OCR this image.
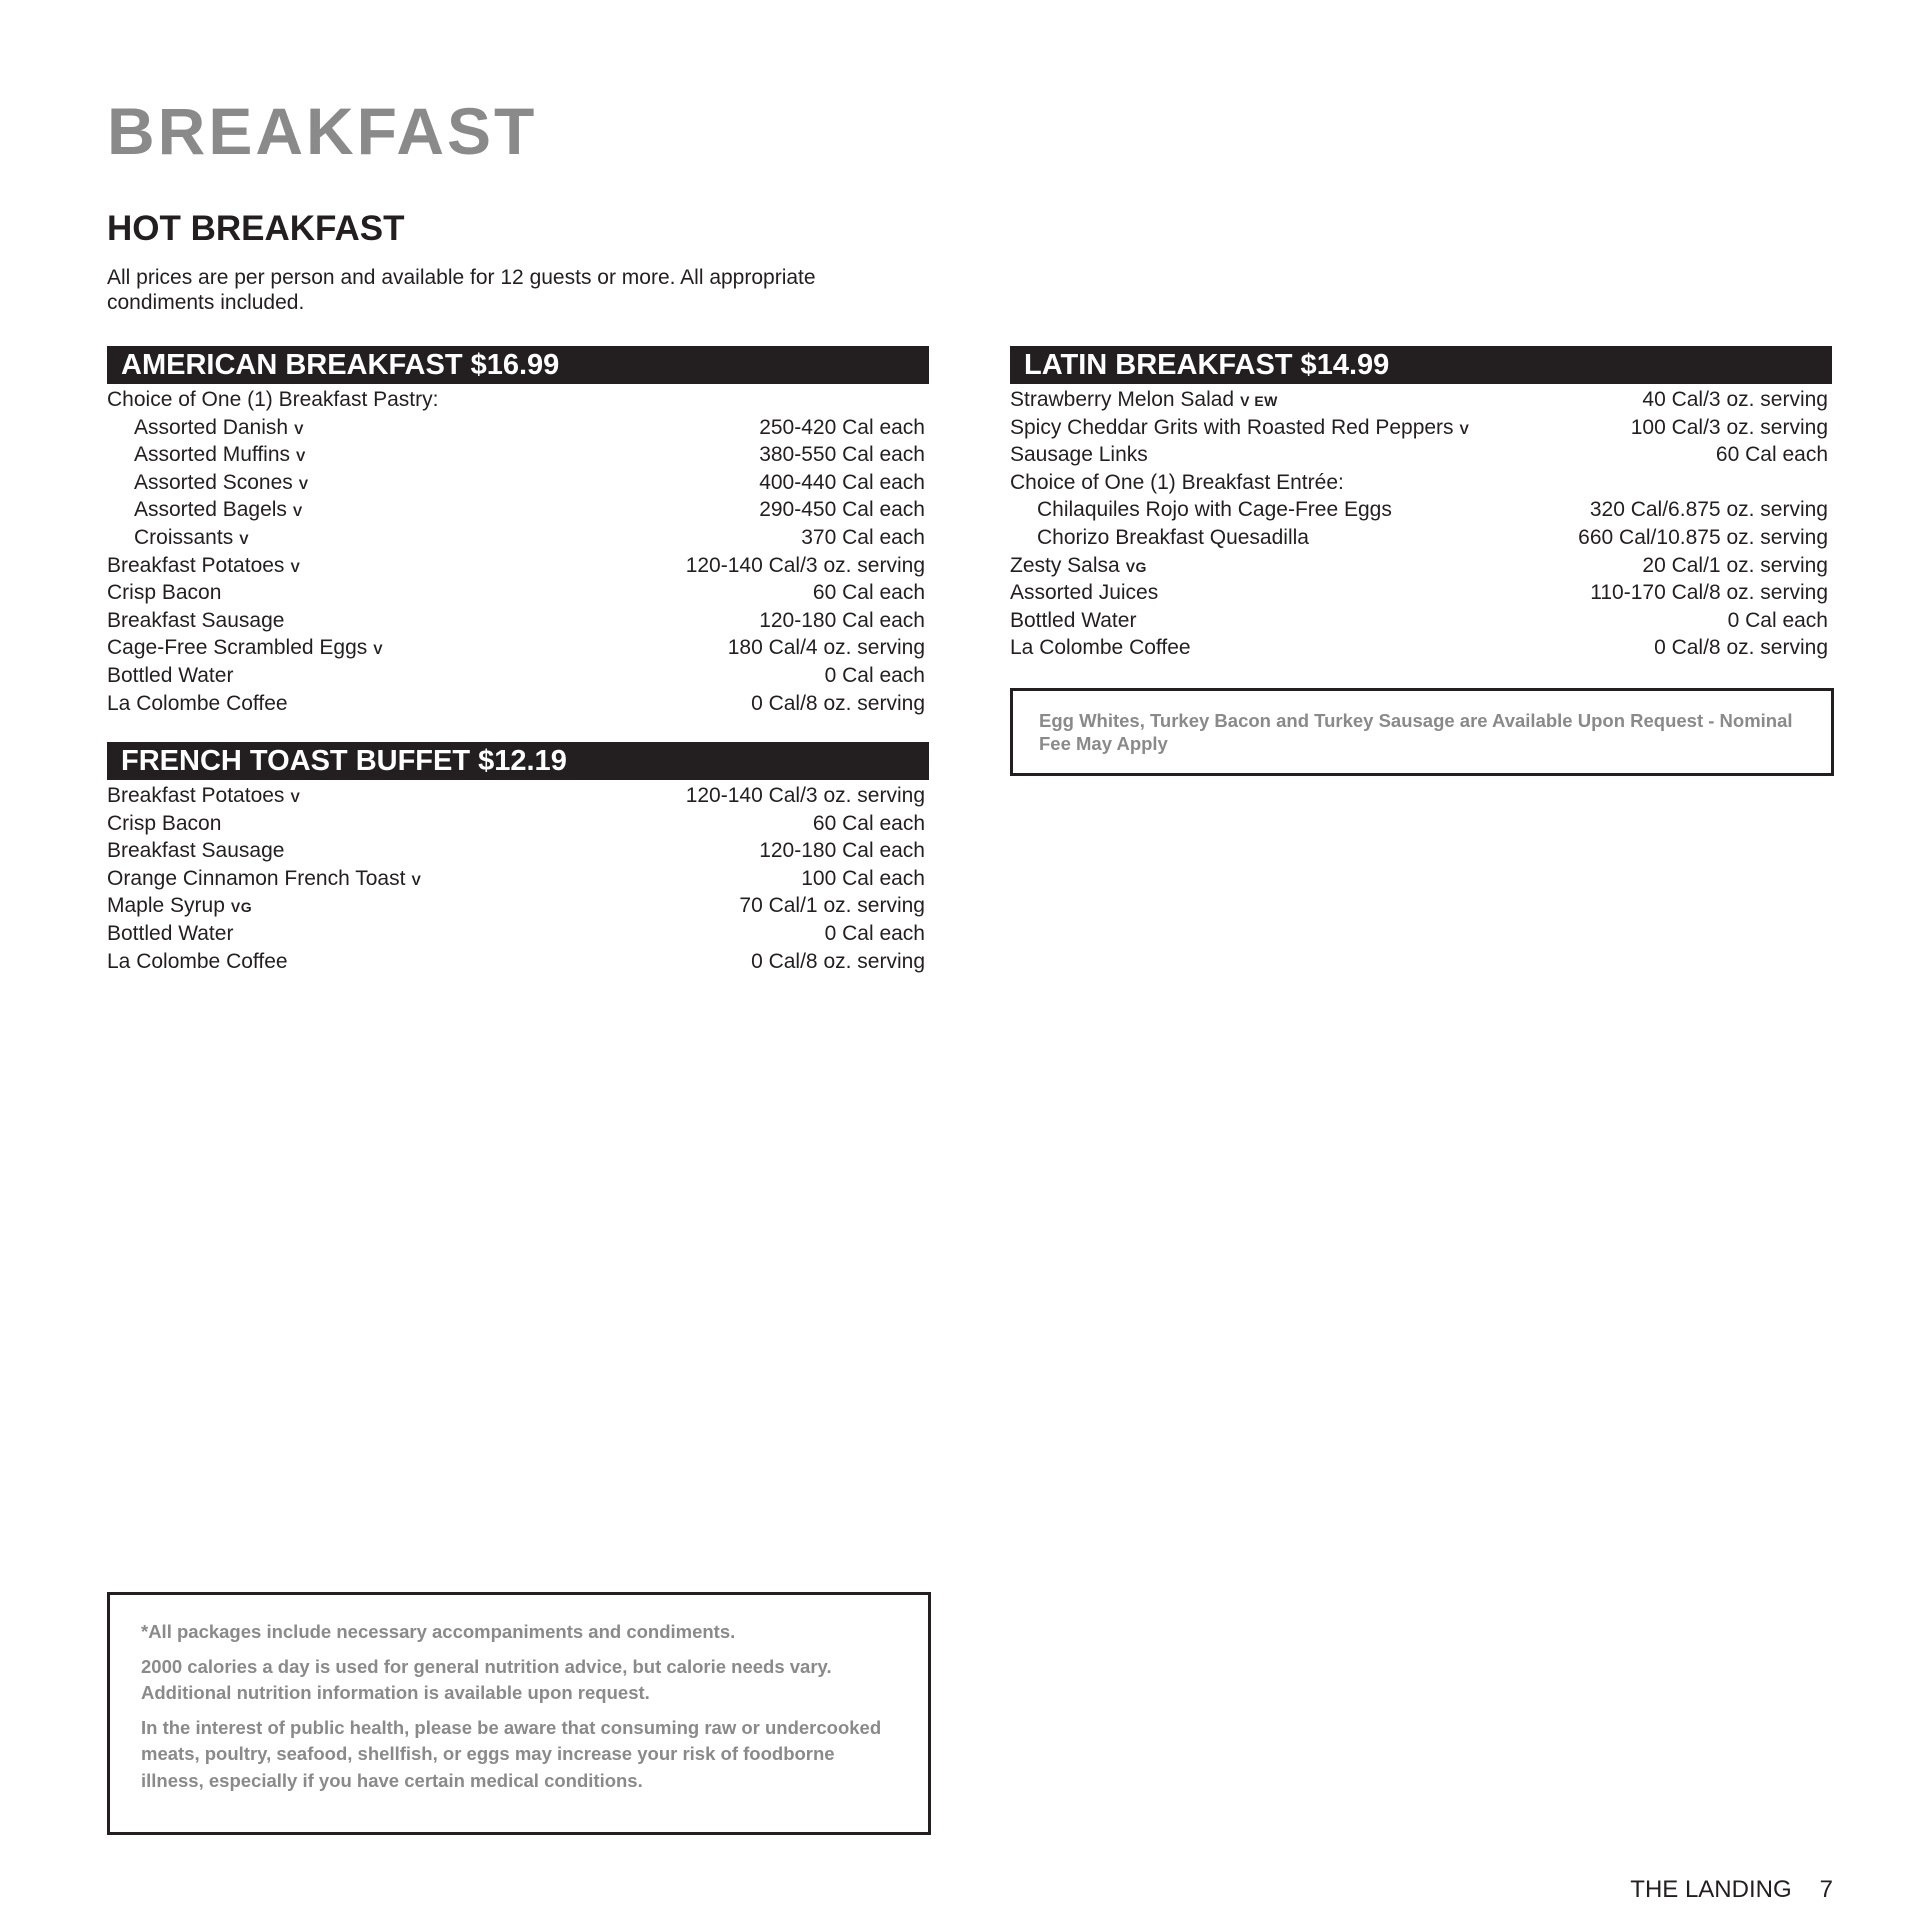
BREAKFAST
HOT BREAKFAST

All prices are per person and available for 12 guests or more. All appropriate condiments included.

AMERICAN BREAKFAST $16.99
Choice of One (1) Breakfast Pastry:
Assorted Danish V	250-420 Cal each
Assorted Muffins V	380-550 Cal each
Assorted Scones V	400-440 Cal each
Assorted Bagels V	290-450 Cal each
Croissants V	370 Cal each
Breakfast Potatoes V	120-140 Cal/3 oz. serving
Crisp Bacon	60 Cal each
Breakfast Sausage	120-180 Cal each
Cage-Free Scrambled Eggs V	180 Cal/4 oz. serving
Bottled Water	0 Cal each
La Colombe Coffee	0 Cal/8 oz. serving
FRENCH TOAST BUFFET $12.19
Breakfast Potatoes V	120-140 Cal/3 oz. serving
Crisp Bacon	60 Cal each
Breakfast Sausage	120-180 Cal each
Orange Cinnamon French Toast V	100 Cal each
Maple Syrup VG	70 Cal/1 oz. serving
Bottled Water	0 Cal each
La Colombe Coffee	0 Cal/8 oz. serving
LATIN BREAKFAST $14.99
Strawberry Melon Salad V EW	40 Cal/3 oz. serving
Spicy Cheddar Grits with Roasted Red Peppers V	100 Cal/3 oz. serving
Sausage Links	60 Cal each
Choice of One (1) Breakfast Entrée:
Chilaquiles Rojo with Cage-Free Eggs	320 Cal/6.875 oz. serving
Chorizo Breakfast Quesadilla	660 Cal/10.875 oz. serving
Zesty Salsa VG	20 Cal/1 oz. serving
Assorted Juices	110-170 Cal/8 oz. serving
Bottled Water	0 Cal each
La Colombe Coffee	0 Cal/8 oz. serving
Egg Whites, Turkey Bacon and Turkey Sausage are Available Upon Request - Nominal Fee May Apply

*All packages include necessary accompaniments and condiments.

2000 calories a day is used for general nutrition advice, but calorie needs vary. Additional nutrition information is available upon request.

In the interest of public health, please be aware that consuming raw or undercooked meats, poultry, seafood, shellfish, or eggs may increase your risk of foodborne illness, especially if you have certain medical conditions.

THE LANDING 7
